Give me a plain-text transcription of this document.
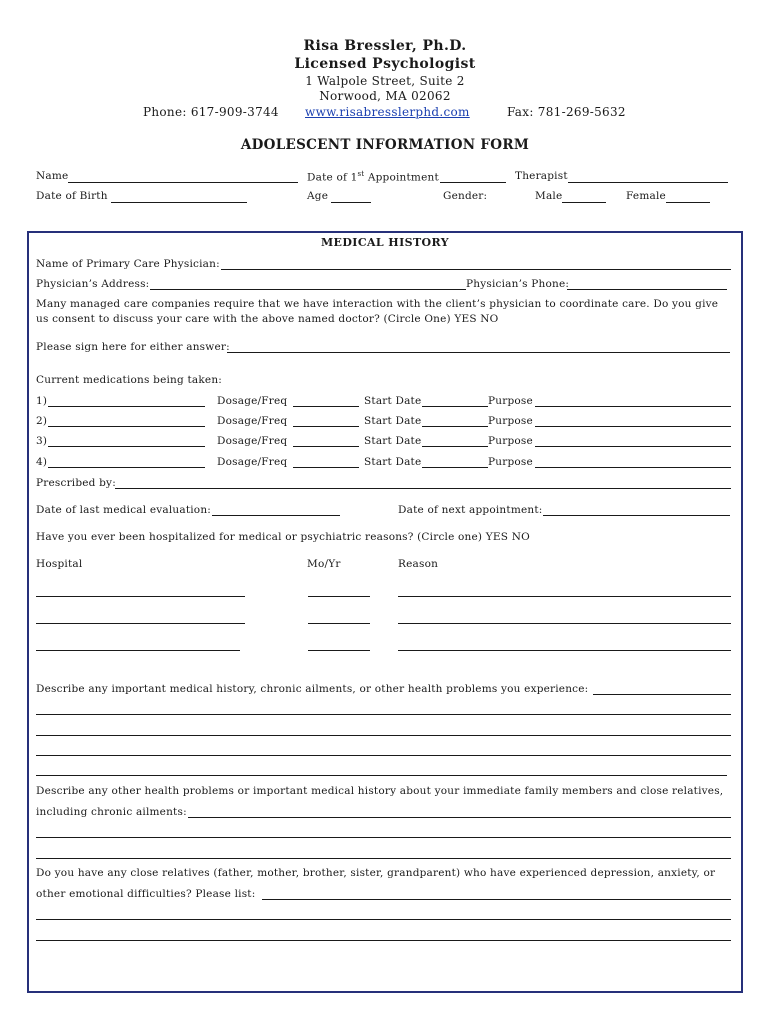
Risa Bressler, Ph.D.
Licensed Psychologist
1 Walpole Street, Suite 2
Norwood, MA 02062
Phone: 617-909-3744 www.risabresslerphd.com	Fax: 781-269-5632
ADOLESCENT INFORMATION FORM
Name	Date of 1st Appointment	Therapist
Date of Birth	Age	Gender:	Male	Female
MEDICAL HISTORY
Name of Primary Care Physician:
Physician’s Address:	Physician’s Phone:
Many managed care companies require that we have interaction with the client’s physician to coordinate care. Do you give
us consent to discuss your care with the above named doctor? (Circle One) YES NO
Please sign here for either answer:
Current medications being taken:
1)	Dosage/Freq	Start Date	Purpose
2)	Dosage/Freq	Start Date	Purpose
3)	Dosage/Freq	Start Date	Purpose
4)	Dosage/Freq	Start Date	Purpose
Prescribed by:
Date of last medical evaluation:	Date of next appointment:
Have you ever been hospitalized for medical or psychiatric reasons? (Circle one) YES NO
Hospital	Mo/Yr	Reason
Describe any important medical history, chronic ailments, or other health problems you experience:
Describe any other health problems or important medical history about your immediate family members and close relatives,
including chronic ailments:
Do you have any close relatives (father, mother, brother, sister, grandparent) who have experienced depression, anxiety, or
other emotional difficulties? Please list:
